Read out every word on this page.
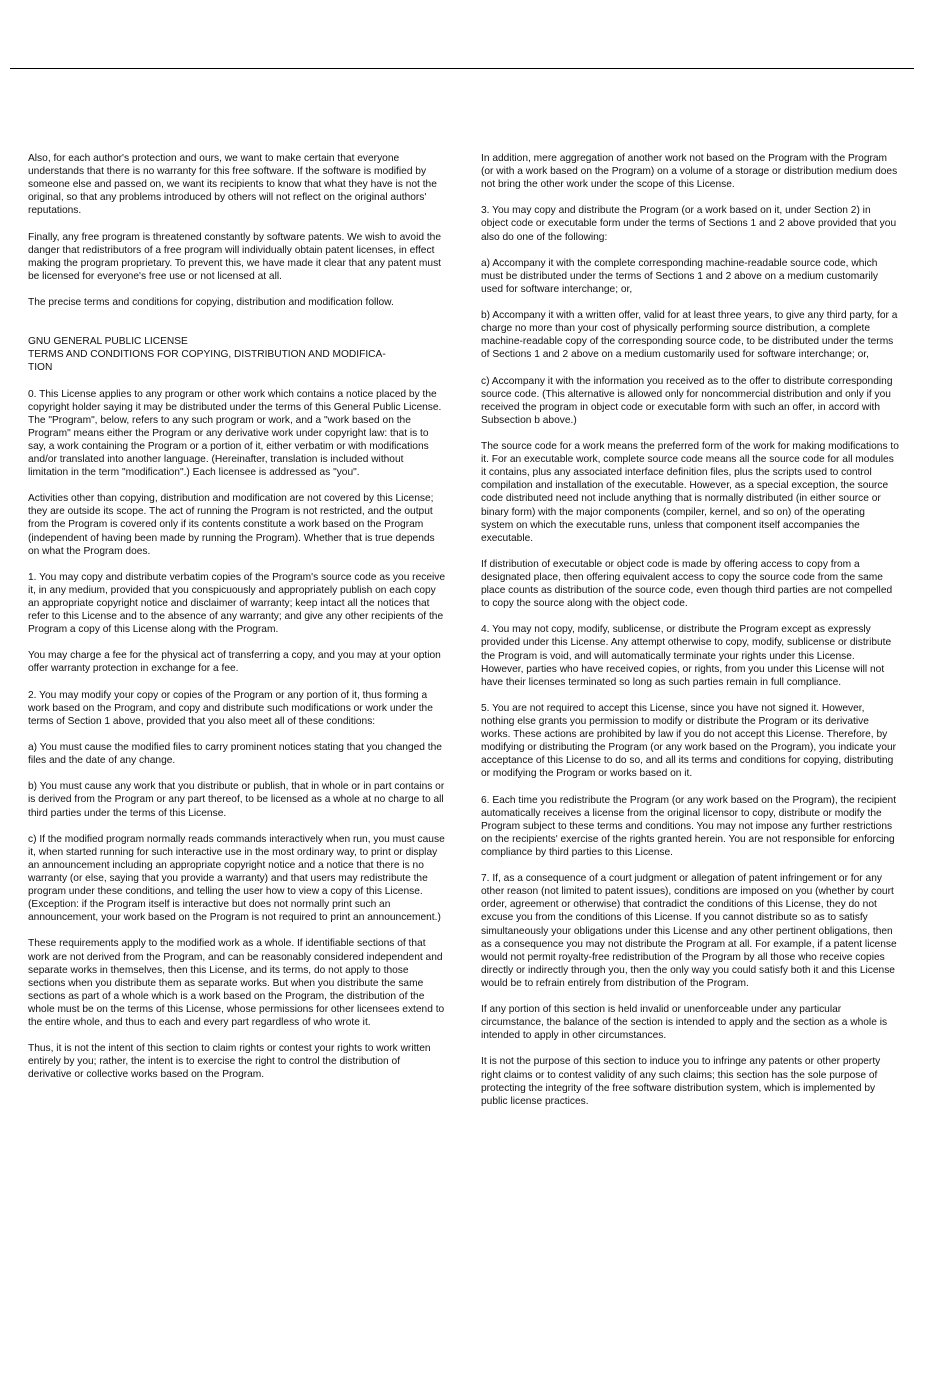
Also, for each author's protection and ours, we want to make certain that everyone understands that there is no warranty for this free software. If the software is modified by someone else and passed on, we want its recipients to know that what they have is not the original, so that any problems introduced by others will not reflect on the original authors' reputations.

Finally, any free program is threatened constantly by software patents. We wish to avoid the danger that redistributors of a free program will individually obtain patent licenses, in effect making the program proprietary. To prevent this, we have made it clear that any patent must be licensed for everyone's free use or not licensed at all.

The precise terms and conditions for copying, distribution and modification follow.

GNU GENERAL PUBLIC LICENSE
TERMS AND CONDITIONS FOR COPYING, DISTRIBUTION AND MODIFICA-
TION

0. This License applies to any program or other work which contains a notice placed by the copyright holder saying it may be distributed under the terms of this General Public License. The "Program", below, refers to any such program or work, and a "work based on the Program" means either the Program or any derivative work under copyright law: that is to say, a work containing the Program or a portion of it, either verbatim or with modifications and/or translated into another language. (Hereinafter, translation is included without limitation in the term "modification".) Each licensee is addressed as "you".

Activities other than copying, distribution and modification are not covered by this License; they are outside its scope. The act of running the Program is not restricted, and the output from the Program is covered only if its contents constitute a work based on the Program (independent of having been made by running the Program). Whether that is true depends on what the Program does.

1. You may copy and distribute verbatim copies of the Program's source code as you receive it, in any medium, provided that you conspicuously and appropriately publish on each copy an appropriate copyright notice and disclaimer of warranty; keep intact all the notices that refer to this License and to the absence of any warranty; and give any other recipients of the Program a copy of this License along with the Program.

You may charge a fee for the physical act of transferring a copy, and you may at your option offer warranty protection in exchange for a fee.

2. You may modify your copy or copies of the Program or any portion of it, thus forming a work based on the Program, and copy and distribute such modifications or work under the terms of Section 1 above, provided that you also meet all of these conditions:

a) You must cause the modified files to carry prominent notices stating that you changed the files and the date of any change.

b) You must cause any work that you distribute or publish, that in whole or in part contains or is derived from the Program or any part thereof, to be licensed as a whole at no charge to all third parties under the terms of this License.

c) If the modified program normally reads commands interactively when run, you must cause it, when started running for such interactive use in the most ordinary way, to print or display an announcement including an appropriate copyright notice and a notice that there is no warranty (or else, saying that you provide a warranty) and that users may redistribute the program under these conditions, and telling the user how to view a copy of this License. (Exception: if the Program itself is interactive but does not normally print such an announcement, your work based on the Program is not required to print an announcement.)

These requirements apply to the modified work as a whole. If identifiable sections of that work are not derived from the Program, and can be reasonably considered independent and separate works in themselves, then this License, and its terms, do not apply to those sections when you distribute them as separate works. But when you distribute the same sections as part of a whole which is a work based on the Program, the distribution of the whole must be on the terms of this License, whose permissions for other licensees extend to the entire whole, and thus to each and every part regardless of who wrote it.

Thus, it is not the intent of this section to claim rights or contest your rights to work written entirely by you; rather, the intent is to exercise the right to control the distribution of derivative or collective works based on the Program.

In addition, mere aggregation of another work not based on the Program with the Program (or with a work based on the Program) on a volume of a storage or distribution medium does not bring the other work under the scope of this License.

3. You may copy and distribute the Program (or a work based on it, under Section 2) in object code or executable form under the terms of Sections 1 and 2 above provided that you also do one of the following:

a) Accompany it with the complete corresponding machine-readable source code, which must be distributed under the terms of Sections 1 and 2 above on a medium customarily used for software interchange; or,

b) Accompany it with a written offer, valid for at least three years, to give any third party, for a charge no more than your cost of physically performing source distribution, a complete machine-readable copy of the corresponding source code, to be distributed under the terms of Sections 1 and 2 above on a medium customarily used for software interchange; or,

c) Accompany it with the information you received as to the offer to distribute corresponding source code. (This alternative is allowed only for noncommercial distribution and only if you received the program in object code or executable form with such an offer, in accord with Subsection b above.)

The source code for a work means the preferred form of the work for making modifications to it. For an executable work, complete source code means all the source code for all modules it contains, plus any associated interface definition files, plus the scripts used to control compilation and installation of the executable. However, as a special exception, the source code distributed need not include anything that is normally distributed (in either source or binary form) with the major components (compiler, kernel, and so on) of the operating system on which the executable runs, unless that component itself accompanies the executable.

If distribution of executable or object code is made by offering access to copy from a designated place, then offering equivalent access to copy the source code from the same place counts as distribution of the source code, even though third parties are not compelled to copy the source along with the object code.

4. You may not copy, modify, sublicense, or distribute the Program except as expressly provided under this License. Any attempt otherwise to copy, modify, sublicense or distribute the Program is void, and will automatically terminate your rights under this License. However, parties who have received copies, or rights, from you under this License will not have their licenses terminated so long as such parties remain in full compliance.

5. You are not required to accept this License, since you have not signed it. However, nothing else grants you permission to modify or distribute the Program or its derivative works. These actions are prohibited by law if you do not accept this License. Therefore, by modifying or distributing the Program (or any work based on the Program), you indicate your acceptance of this License to do so, and all its terms and conditions for copying, distributing or modifying the Program or works based on it.

6. Each time you redistribute the Program (or any work based on the Program), the recipient automatically receives a license from the original licensor to copy, distribute or modify the Program subject to these terms and conditions. You may not impose any further restrictions on the recipients' exercise of the rights granted herein. You are not responsible for enforcing compliance by third parties to this License.

7. If, as a consequence of a court judgment or allegation of patent infringement or for any other reason (not limited to patent issues), conditions are imposed on you (whether by court order, agreement or otherwise) that contradict the conditions of this License, they do not excuse you from the conditions of this License. If you cannot distribute so as to satisfy simultaneously your obligations under this License and any other pertinent obligations, then as a consequence you may not distribute the Program at all. For example, if a patent license would not permit royalty-free redistribution of the Program by all those who receive copies directly or indirectly through you, then the only way you could satisfy both it and this License would be to refrain entirely from distribution of the Program.

If any portion of this section is held invalid or unenforceable under any particular circumstance, the balance of the section is intended to apply and the section as a whole is intended to apply in other circumstances.

It is not the purpose of this section to induce you to infringe any patents or other property right claims or to contest validity of any such claims; this section has the sole purpose of protecting the integrity of the free software distribution system, which is implemented by public license practices.
